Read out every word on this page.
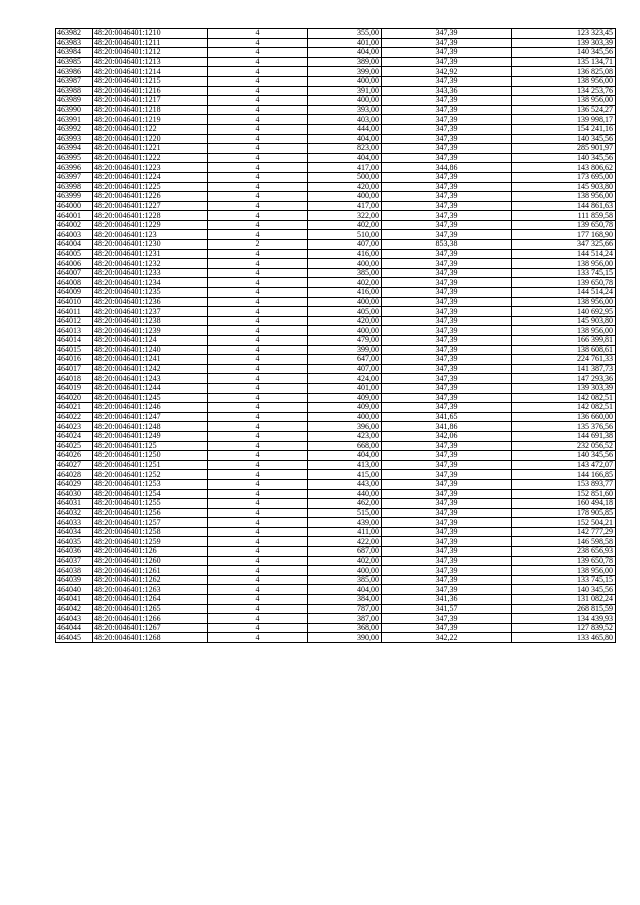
463982	48:20:0046401:1210	4	355,00	347,39	123 323,45
463983	48:20:0046401:1211	4	401,00	347,39	139 303,39
463984	48:20:0046401:1212	4	404,00	347,39	140 345,56
463985	48:20:0046401:1213	4	389,00	347,39	135 134,71
463986	48:20:0046401:1214	4	399,00	342,92	136 825,08
463987	48:20:0046401:1215	4	400,00	347,39	138 956,00
463988	48:20:0046401:1216	4	391,00	343,36	134 253,76
463989	48:20:0046401:1217	4	400,00	347,39	138 956,00
463990	48:20:0046401:1218	4	393,00	347,39	136 524,27
463991	48:20:0046401:1219	4	403,00	347,39	139 998,17
463992	48:20:0046401:122	4	444,00	347,39	154 241,16
463993	48:20:0046401:1220	4	404,00	347,39	140 345,56
463994	48:20:0046401:1221	4	823,00	347,39	285 901,97
463995	48:20:0046401:1222	4	404,00	347,39	140 345,56
463996	48:20:0046401:1223	4	417,00	344,86	143 806,62
463997	48:20:0046401:1224	4	500,00	347,39	173 695,00
463998	48:20:0046401:1225	4	420,00	347,39	145 903,80
463999	48:20:0046401:1226	4	400,00	347,39	138 956,00
464000	48:20:0046401:1227	4	417,00	347,39	144 861,63
464001	48:20:0046401:1228	4	322,00	347,39	111 859,58
464002	48:20:0046401:1229	4	402,00	347,39	139 650,78
464003	48:20:0046401:123	4	510,00	347,39	177 168,90
464004	48:20:0046401:1230	2	407,00	853,38	347 325,66
464005	48:20:0046401:1231	4	416,00	347,39	144 514,24
464006	48:20:0046401:1232	4	400,00	347,39	138 956,00
464007	48:20:0046401:1233	4	385,00	347,39	133 745,15
464008	48:20:0046401:1234	4	402,00	347,39	139 650,78
464009	48:20:0046401:1235	4	416,00	347,39	144 514,24
464010	48:20:0046401:1236	4	400,00	347,39	138 956,00
464011	48:20:0046401:1237	4	405,00	347,39	140 692,95
464012	48:20:0046401:1238	4	420,00	347,39	145 903,80
464013	48:20:0046401:1239	4	400,00	347,39	138 956,00
464014	48:20:0046401:124	4	479,00	347,39	166 399,81
464015	48:20:0046401:1240	4	399,00	347,39	138 608,61
464016	48:20:0046401:1241	4	647,00	347,39	224 761,33
464017	48:20:0046401:1242	4	407,00	347,39	141 387,73
464018	48:20:0046401:1243	4	424,00	347,39	147 293,36
464019	48:20:0046401:1244	4	401,00	347,39	139 303,39
464020	48:20:0046401:1245	4	409,00	347,39	142 082,51
464021	48:20:0046401:1246	4	409,00	347,39	142 082,51
464022	48:20:0046401:1247	4	400,00	341,65	136 660,00
464023	48:20:0046401:1248	4	396,00	341,86	135 376,56
464024	48:20:0046401:1249	4	423,00	342,06	144 691,38
464025	48:20:0046401:125	4	668,00	347,39	232 056,52
464026	48:20:0046401:1250	4	404,00	347,39	140 345,56
464027	48:20:0046401:1251	4	413,00	347,39	143 472,07
464028	48:20:0046401:1252	4	415,00	347,39	144 166,85
464029	48:20:0046401:1253	4	443,00	347,39	153 893,77
464030	48:20:0046401:1254	4	440,00	347,39	152 851,60
464031	48:20:0046401:1255	4	462,00	347,39	160 494,18
464032	48:20:0046401:1256	4	515,00	347,39	178 905,85
464033	48:20:0046401:1257	4	439,00	347,39	152 504,21
464034	48:20:0046401:1258	4	411,00	347,39	142 777,29
464035	48:20:0046401:1259	4	422,00	347,39	146 598,58
464036	48:20:0046401:126	4	687,00	347,39	238 656,93
464037	48:20:0046401:1260	4	402,00	347,39	139 650,78
464038	48:20:0046401:1261	4	400,00	347,39	138 956,00
464039	48:20:0046401:1262	4	385,00	347,39	133 745,15
464040	48:20:0046401:1263	4	404,00	347,39	140 345,56
464041	48:20:0046401:1264	4	384,00	341,36	131 082,24
464042	48:20:0046401:1265	4	787,00	341,57	268 815,59
464043	48:20:0046401:1266	4	387,00	347,39	134 439,93
464044	48:20:0046401:1267	4	368,00	347,39	127 839,52
464045	48:20:0046401:1268	4	390,00	342,22	133 465,80
